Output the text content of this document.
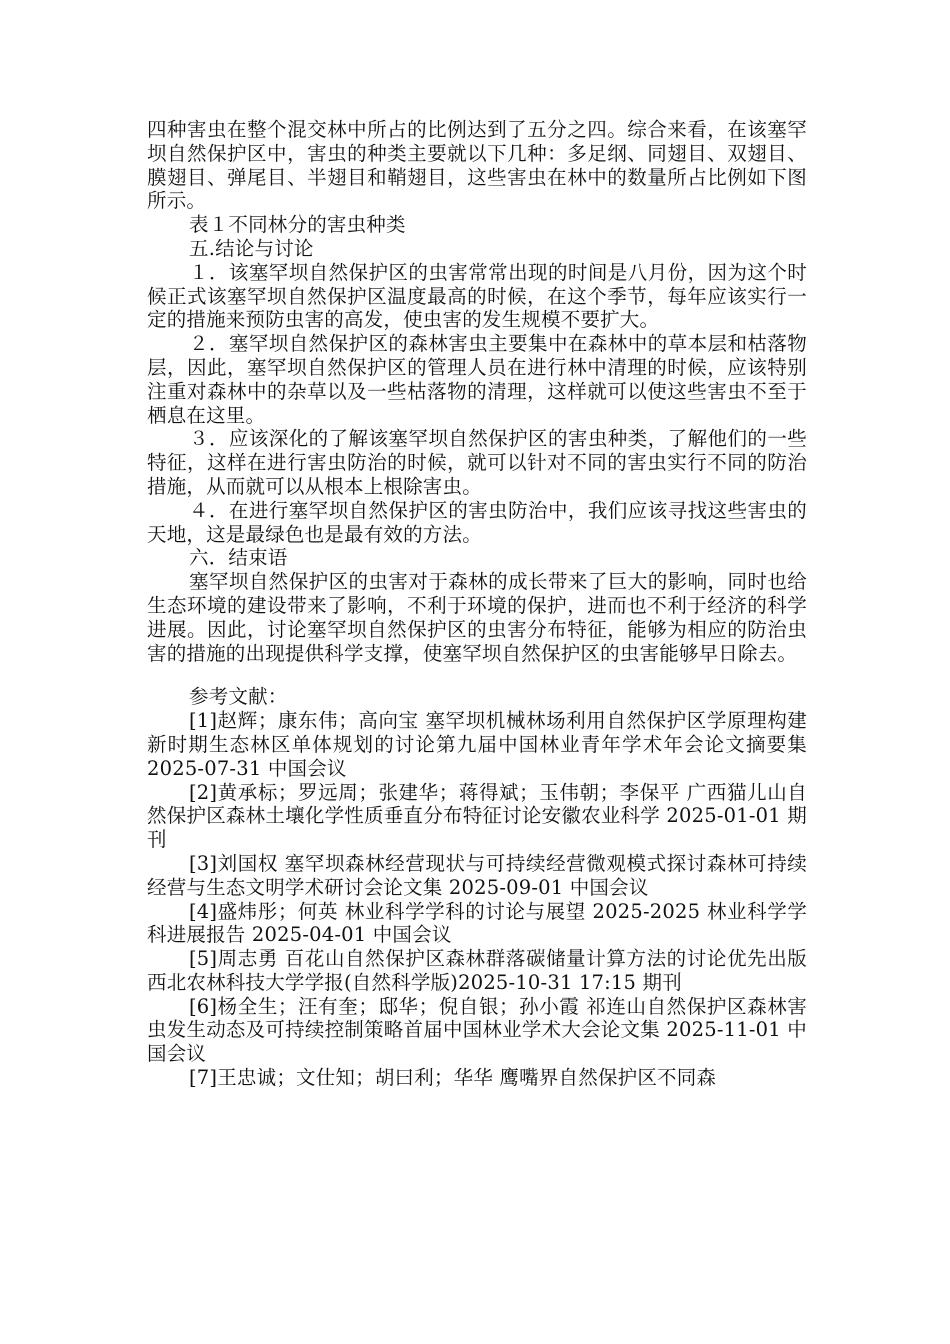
四种害虫在整个混交林中所占的比例达到了五分之四。综合来看，在该塞罕坝自然保护区中，害虫的种类主要就以下几种：多足纲、同翅目、双翅目、膜翅目、弹尾目、半翅目和鞘翅目，这些害虫在林中的数量所占比例如下图所示。

表１不同林分的害虫种类

五.结论与讨论

１．该塞罕坝自然保护区的虫害常常出现的时间是八月份，因为这个时候正式该塞罕坝自然保护区温度最高的时候，在这个季节，每年应该实行一定的措施来预防虫害的高发，使虫害的发生规模不要扩大。

２．塞罕坝自然保护区的森林害虫主要集中在森林中的草本层和枯落物层，因此，塞罕坝自然保护区的管理人员在进行林中清理的时候，应该特别注重对森林中的杂草以及一些枯落物的清理，这样就可以使这些害虫不至于栖息在这里。

３．应该深化的了解该塞罕坝自然保护区的害虫种类，了解他们的一些特征，这样在进行害虫防治的时候，就可以针对不同的害虫实行不同的防治措施，从而就可以从根本上根除害虫。

４．在进行塞罕坝自然保护区的害虫防治中，我们应该寻找这些害虫的天地，这是最绿色也是最有效的方法。

六．结束语

塞罕坝自然保护区的虫害对于森林的成长带来了巨大的影响，同时也给生态环境的建设带来了影响，不利于环境的保护，进而也不利于经济的科学进展。因此，讨论塞罕坝自然保护区的虫害分布特征，能够为相应的防治虫害的措施的出现提供科学支撑，使塞罕坝自然保护区的虫害能够早日除去。

参考文献：

[1]赵辉；康东伟；高向宝 塞罕坝机械林场利用自然保护区学原理构建新时期生态林区单体规划的讨论第九届中国林业青年学术年会论文摘要集 2025-07-31 中国会议

[2]黄承标；罗远周；张建华；蒋得斌；玉伟朝；李保平 广西猫儿山自然保护区森林土壤化学性质垂直分布特征讨论安徽农业科学 2025-01-01 期刊

[3]刘国权 塞罕坝森林经营现状与可持续经营微观模式探讨森林可持续经营与生态文明学术研讨会论文集 2025-09-01 中国会议

[4]盛炜彤；何英 林业科学学科的讨论与展望 2025-2025 林业科学学科进展报告 2025-04-01 中国会议

[5]周志勇 百花山自然保护区森林群落碳储量计算方法的讨论优先出版西北农林科技大学学报(自然科学版)2025-10-31 17:15 期刊

[6]杨全生；汪有奎；邸华；倪自银；孙小霞 祁连山自然保护区森林害虫发生动态及可持续控制策略首届中国林业学术大会论文集 2025-11-01 中国会议

[7]王忠诚；文仕知；胡曰利；华华 鹰嘴界自然保护区不同森
